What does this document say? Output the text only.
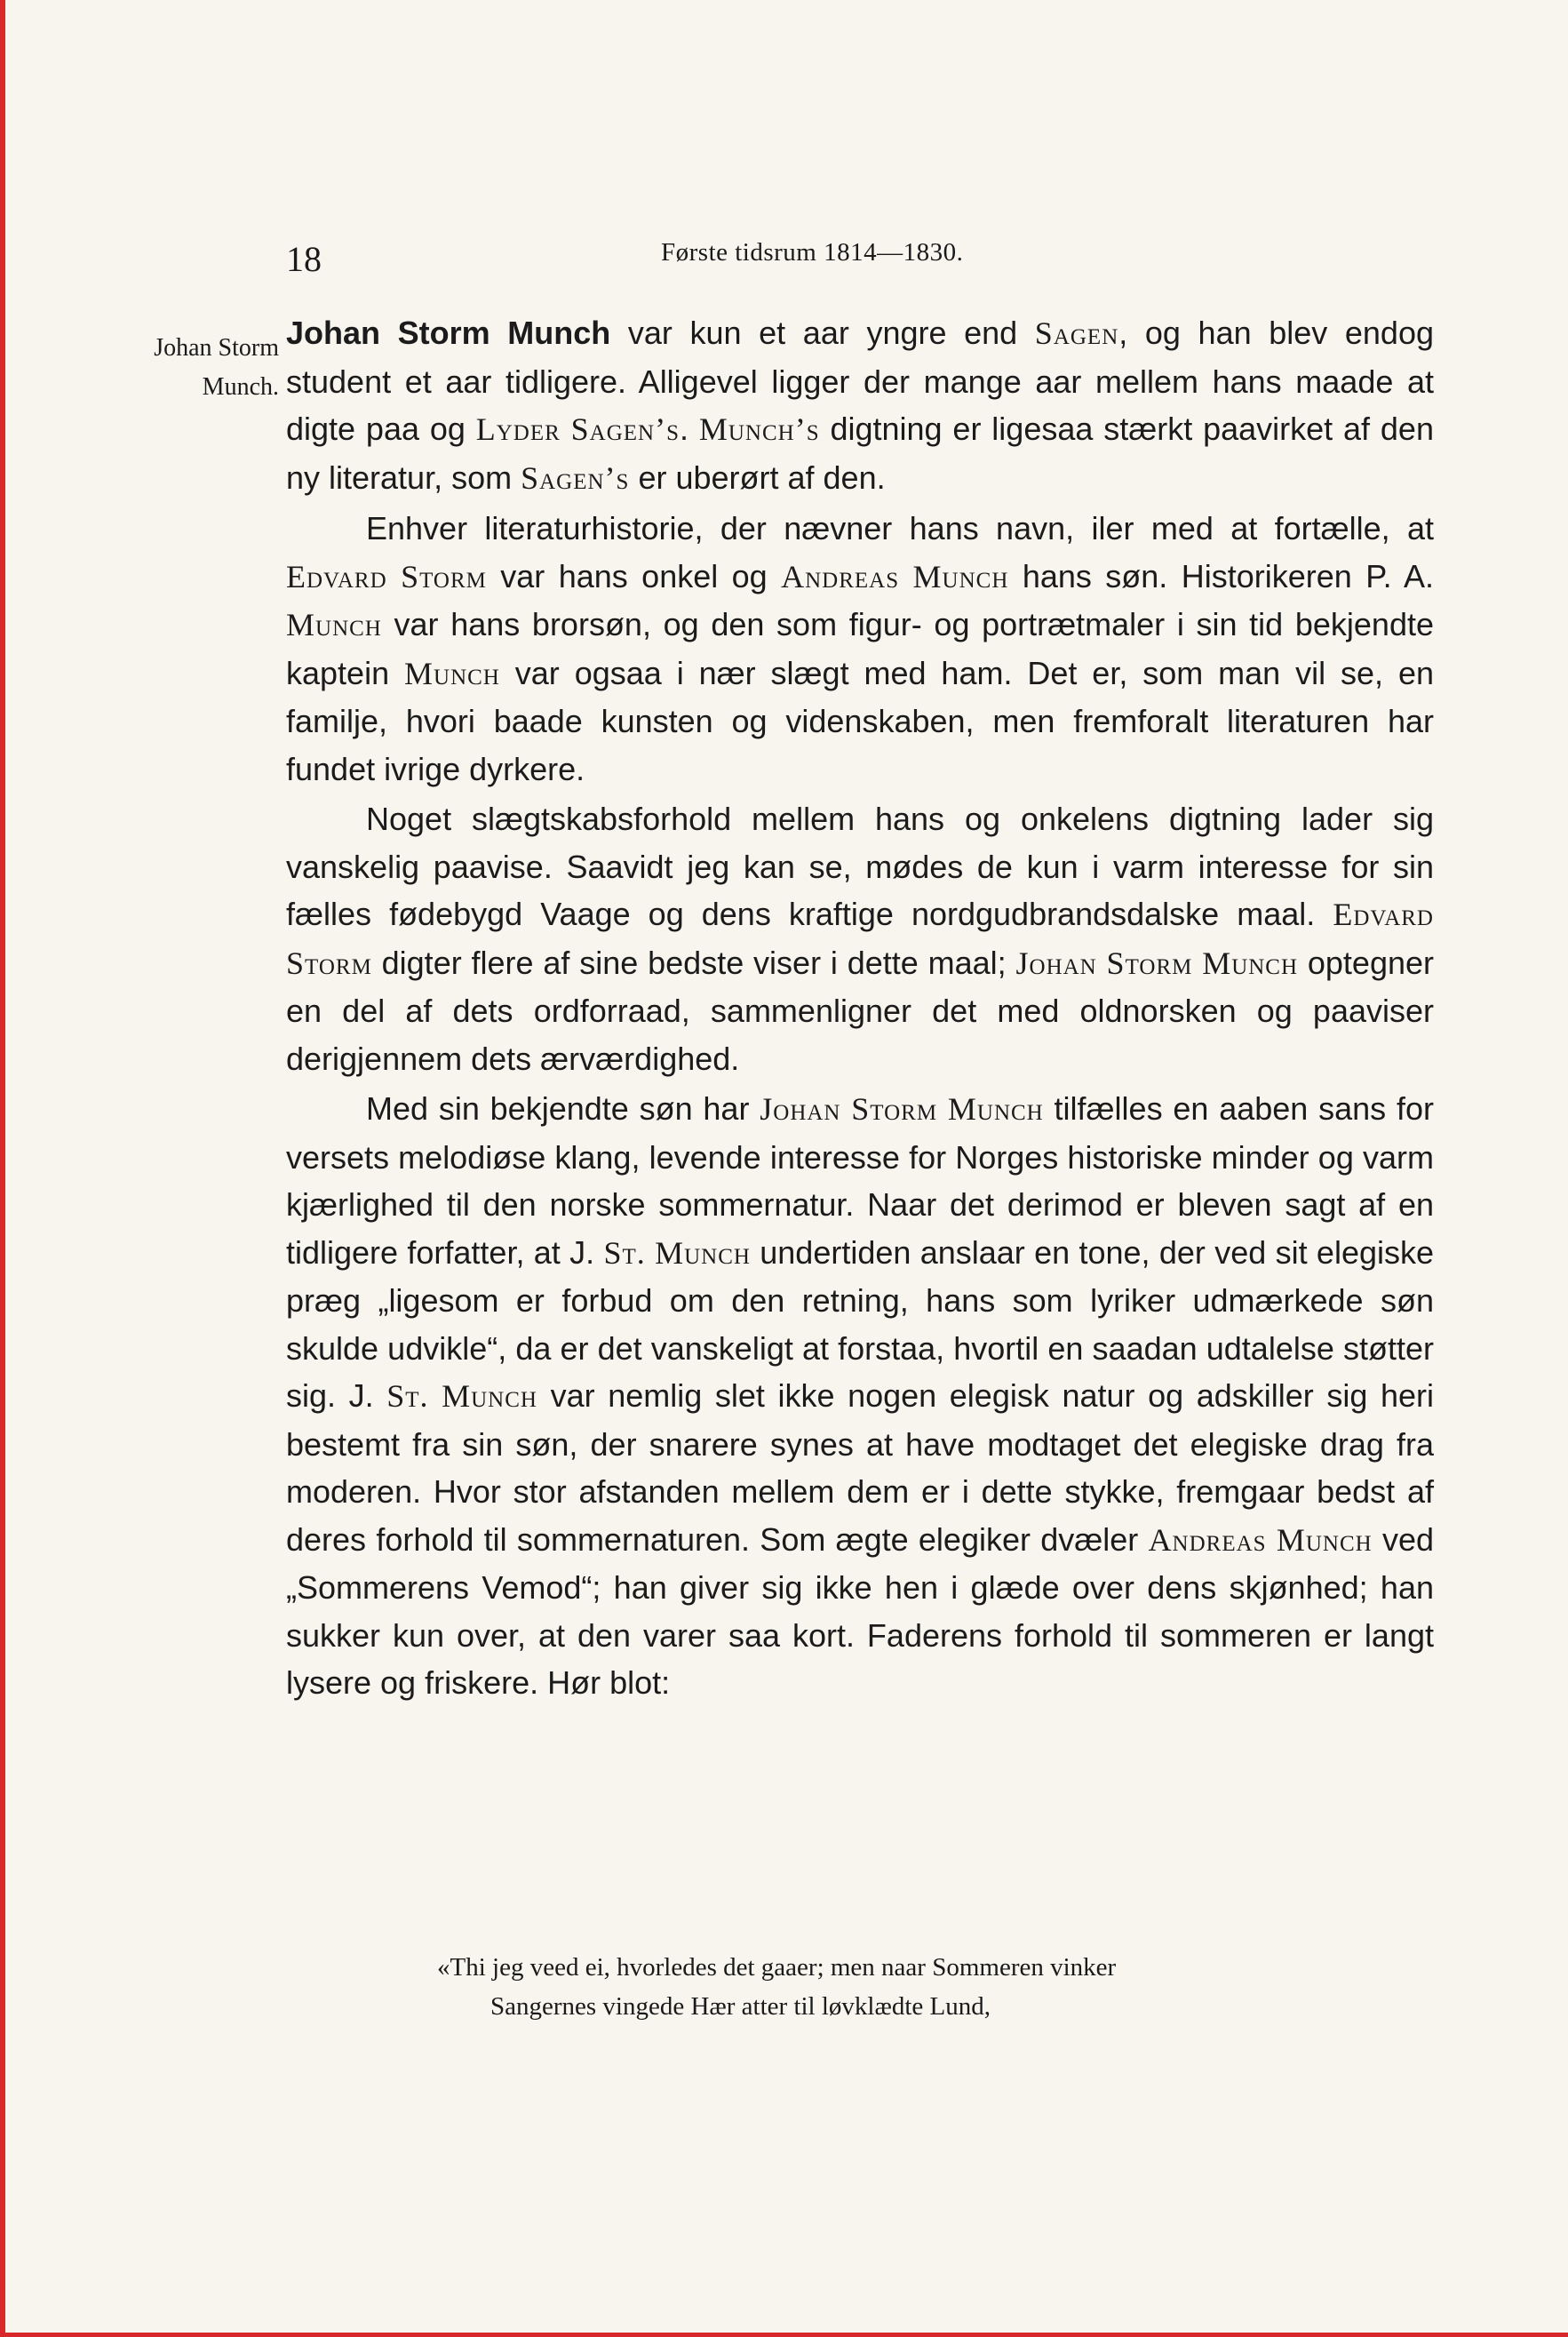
18	Første tidsrum 1814—1830.
Johan Storm
Munch.

Johan Storm Munch var kun et aar yngre end Sagen, og han blev endog student et aar tidligere. Alligevel ligger der mange aar mellem hans maade at digte paa og Lyder Sagen’s. Munch’s digtning er ligesaa stærkt paavirket af den ny literatur, som Sagen’s er uberørt af den.

Enhver literaturhistorie, der nævner hans navn, iler med at fortælle, at Edvard Storm var hans onkel og Andreas Munch hans søn. Historikeren P. A. Munch var hans brorsøn, og den som figur- og portrætmaler i sin tid bekjendte kaptein Munch var ogsaa i nær slægt med ham. Det er, som man vil se, en familje, hvori baade kunsten og videnskaben, men fremforalt literaturen har fundet ivrige dyrkere.

Noget slægtskabsforhold mellem hans og onkelens digtning lader sig vanskelig paavise. Saavidt jeg kan se, mødes de kun i varm interesse for sin fælles fødebygd Vaage og dens kraftige nordgudbrandsdalske maal. Edvard Storm digter flere af sine bedste viser i dette maal; Johan Storm Munch optegner en del af dets ordforraad, sammenligner det med oldnorsken og paaviser derigjennem dets ærværdighed.

Med sin bekjendte søn har Johan Storm Munch tilfælles en aaben sans for versets melodiøse klang, levende interesse for Norges historiske minder og varm kjærlighed til den norske sommernatur. Naar det derimod er bleven sagt af en tidligere forfatter, at J. St. Munch undertiden anslaar en tone, der ved sit elegiske præg „ligesom er forbud om den retning, hans som lyriker udmærkede søn skulde udvikle“, da er det vanskeligt at forstaa, hvortil en saadan udtalelse støtter sig. J. St. Munch var nemlig slet ikke nogen elegisk natur og adskiller sig heri bestemt fra sin søn, der snarere synes at have modtaget det elegiske drag fra moderen. Hvor stor afstanden mellem dem er i dette stykke, fremgaar bedst af deres forhold til sommernaturen. Som ægte elegiker dvæler Andreas Munch ved „Sommerens Vemod“; han giver sig ikke hen i glæde over dens skjønhed; han sukker kun over, at den varer saa kort. Faderens forhold til sommeren er langt lysere og friskere. Hør blot:

«Thi jeg veed ei, hvorledes det gaaer; men naar Sommeren vinker
Sangernes vingede Hær atter til løvklædte Lund,
